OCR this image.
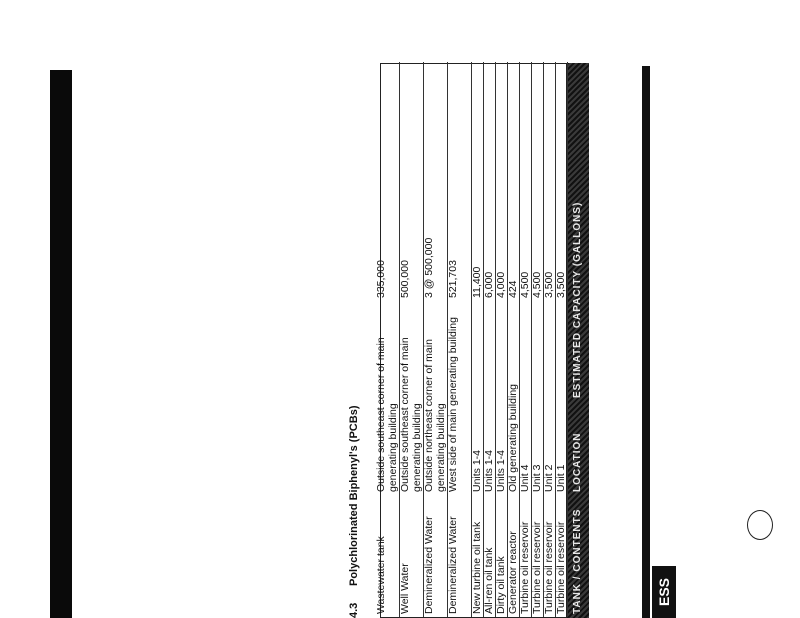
TANK / CONTENTS
LOCATION
ESTIMATED CAPACITY (GALLONS)
Turbine oil reservoir
Unit 1
3,500
Turbine oil reservoir
Unit 2
3,500
Turbine oil reservoir
Unit 3
4,500
Turbine oil reservoir
Unit 4
4,500
Generator reactor
Old generating building
424
Dirty oil tank
Units 1-4
4,000
All-ren oil tank
Units 1-4
6,000
New turbine oil tank
Units 1-4
11,400
Demineralized Water
West side of main generating building
521,703
Demineralized Water
Outside northeast corner of main generating building
3 @ 500,000
Well Water
Outside southeast corner of main generating building
500,000
Wastewater tank
Outside southeast corner of main generating building
335,000
4.3
Polychlorinated Biphenyl's (PCBs)
ESS
